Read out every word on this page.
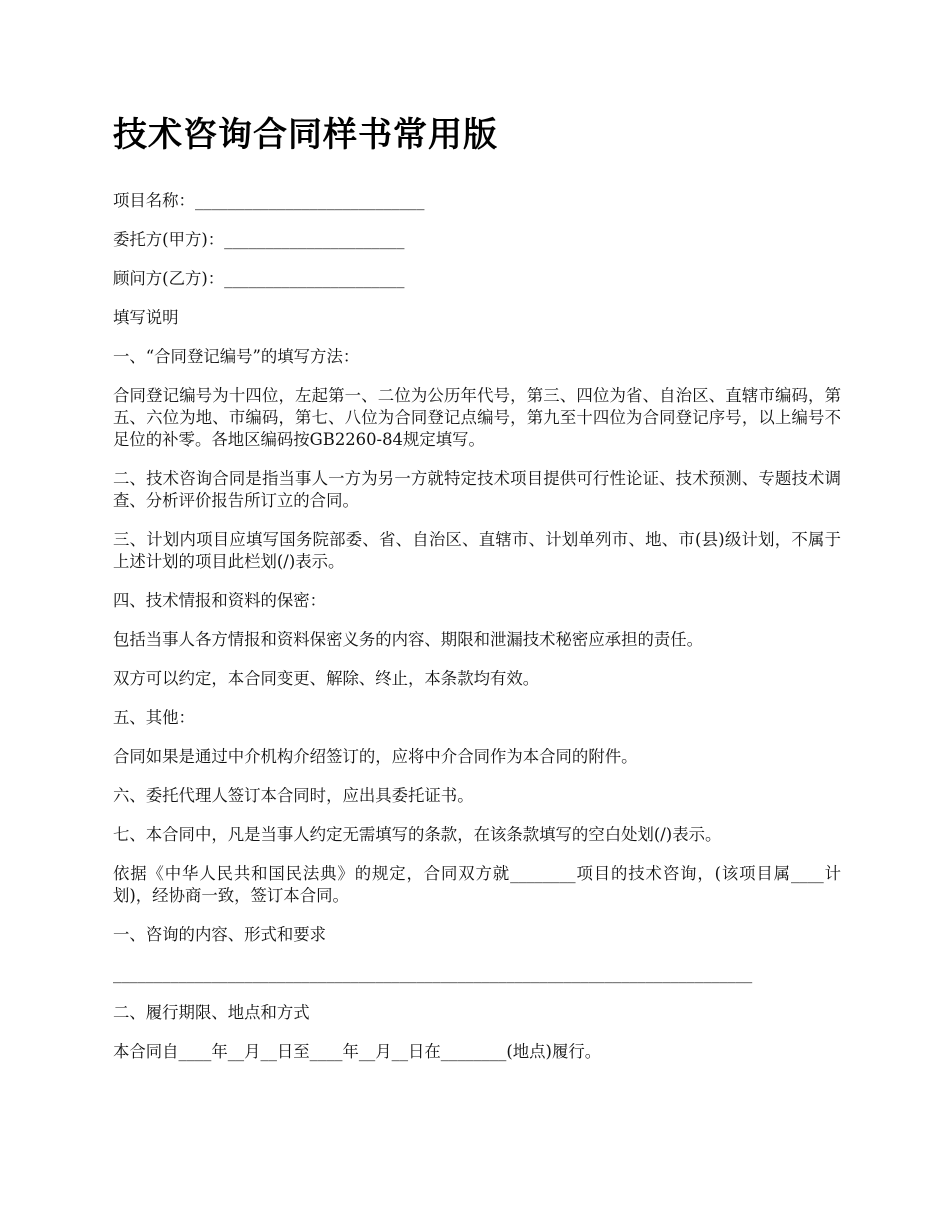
技术咨询合同样书常用版

项目名称：____________________________

委托方(甲方)：______________________

顾问方(乙方)：______________________

填写说明

一、“合同登记编号”的填写方法：

合同登记编号为十四位，左起第一、二位为公历年代号，第三、四位为省、自治区、直辖市编码，第五、六位为地、市编码，第七、八位为合同登记点编号，第九至十四位为合同登记序号，以上编号不足位的补零。各地区编码按GB2260-84规定填写。

二、技术咨询合同是指当事人一方为另一方就特定技术项目提供可行性论证、技术预测、专题技术调查、分析评价报告所订立的合同。

三、计划内项目应填写国务院部委、省、自治区、直辖市、计划单列市、地、市(县)级计划，不属于上述计划的项目此栏划(/)表示。

四、技术情报和资料的保密：

包括当事人各方情报和资料保密义务的内容、期限和泄漏技术秘密应承担的责任。

双方可以约定，本合同变更、解除、终止，本条款均有效。

五、其他：

合同如果是通过中介机构介绍签订的，应将中介合同作为本合同的附件。

六、委托代理人签订本合同时，应出具委托证书。

七、本合同中，凡是当事人约定无需填写的条款，在该条款填写的空白处划(/)表示。

依据《中华人民共和国民法典》的规定，合同双方就________项目的技术咨询，(该项目属____计划)，经协商一致，签订本合同。

一、咨询的内容、形式和要求

______________________________________________________________________________

二、履行期限、地点和方式

本合同自____年__月__日至____年__月__日在________(地点)履行。
